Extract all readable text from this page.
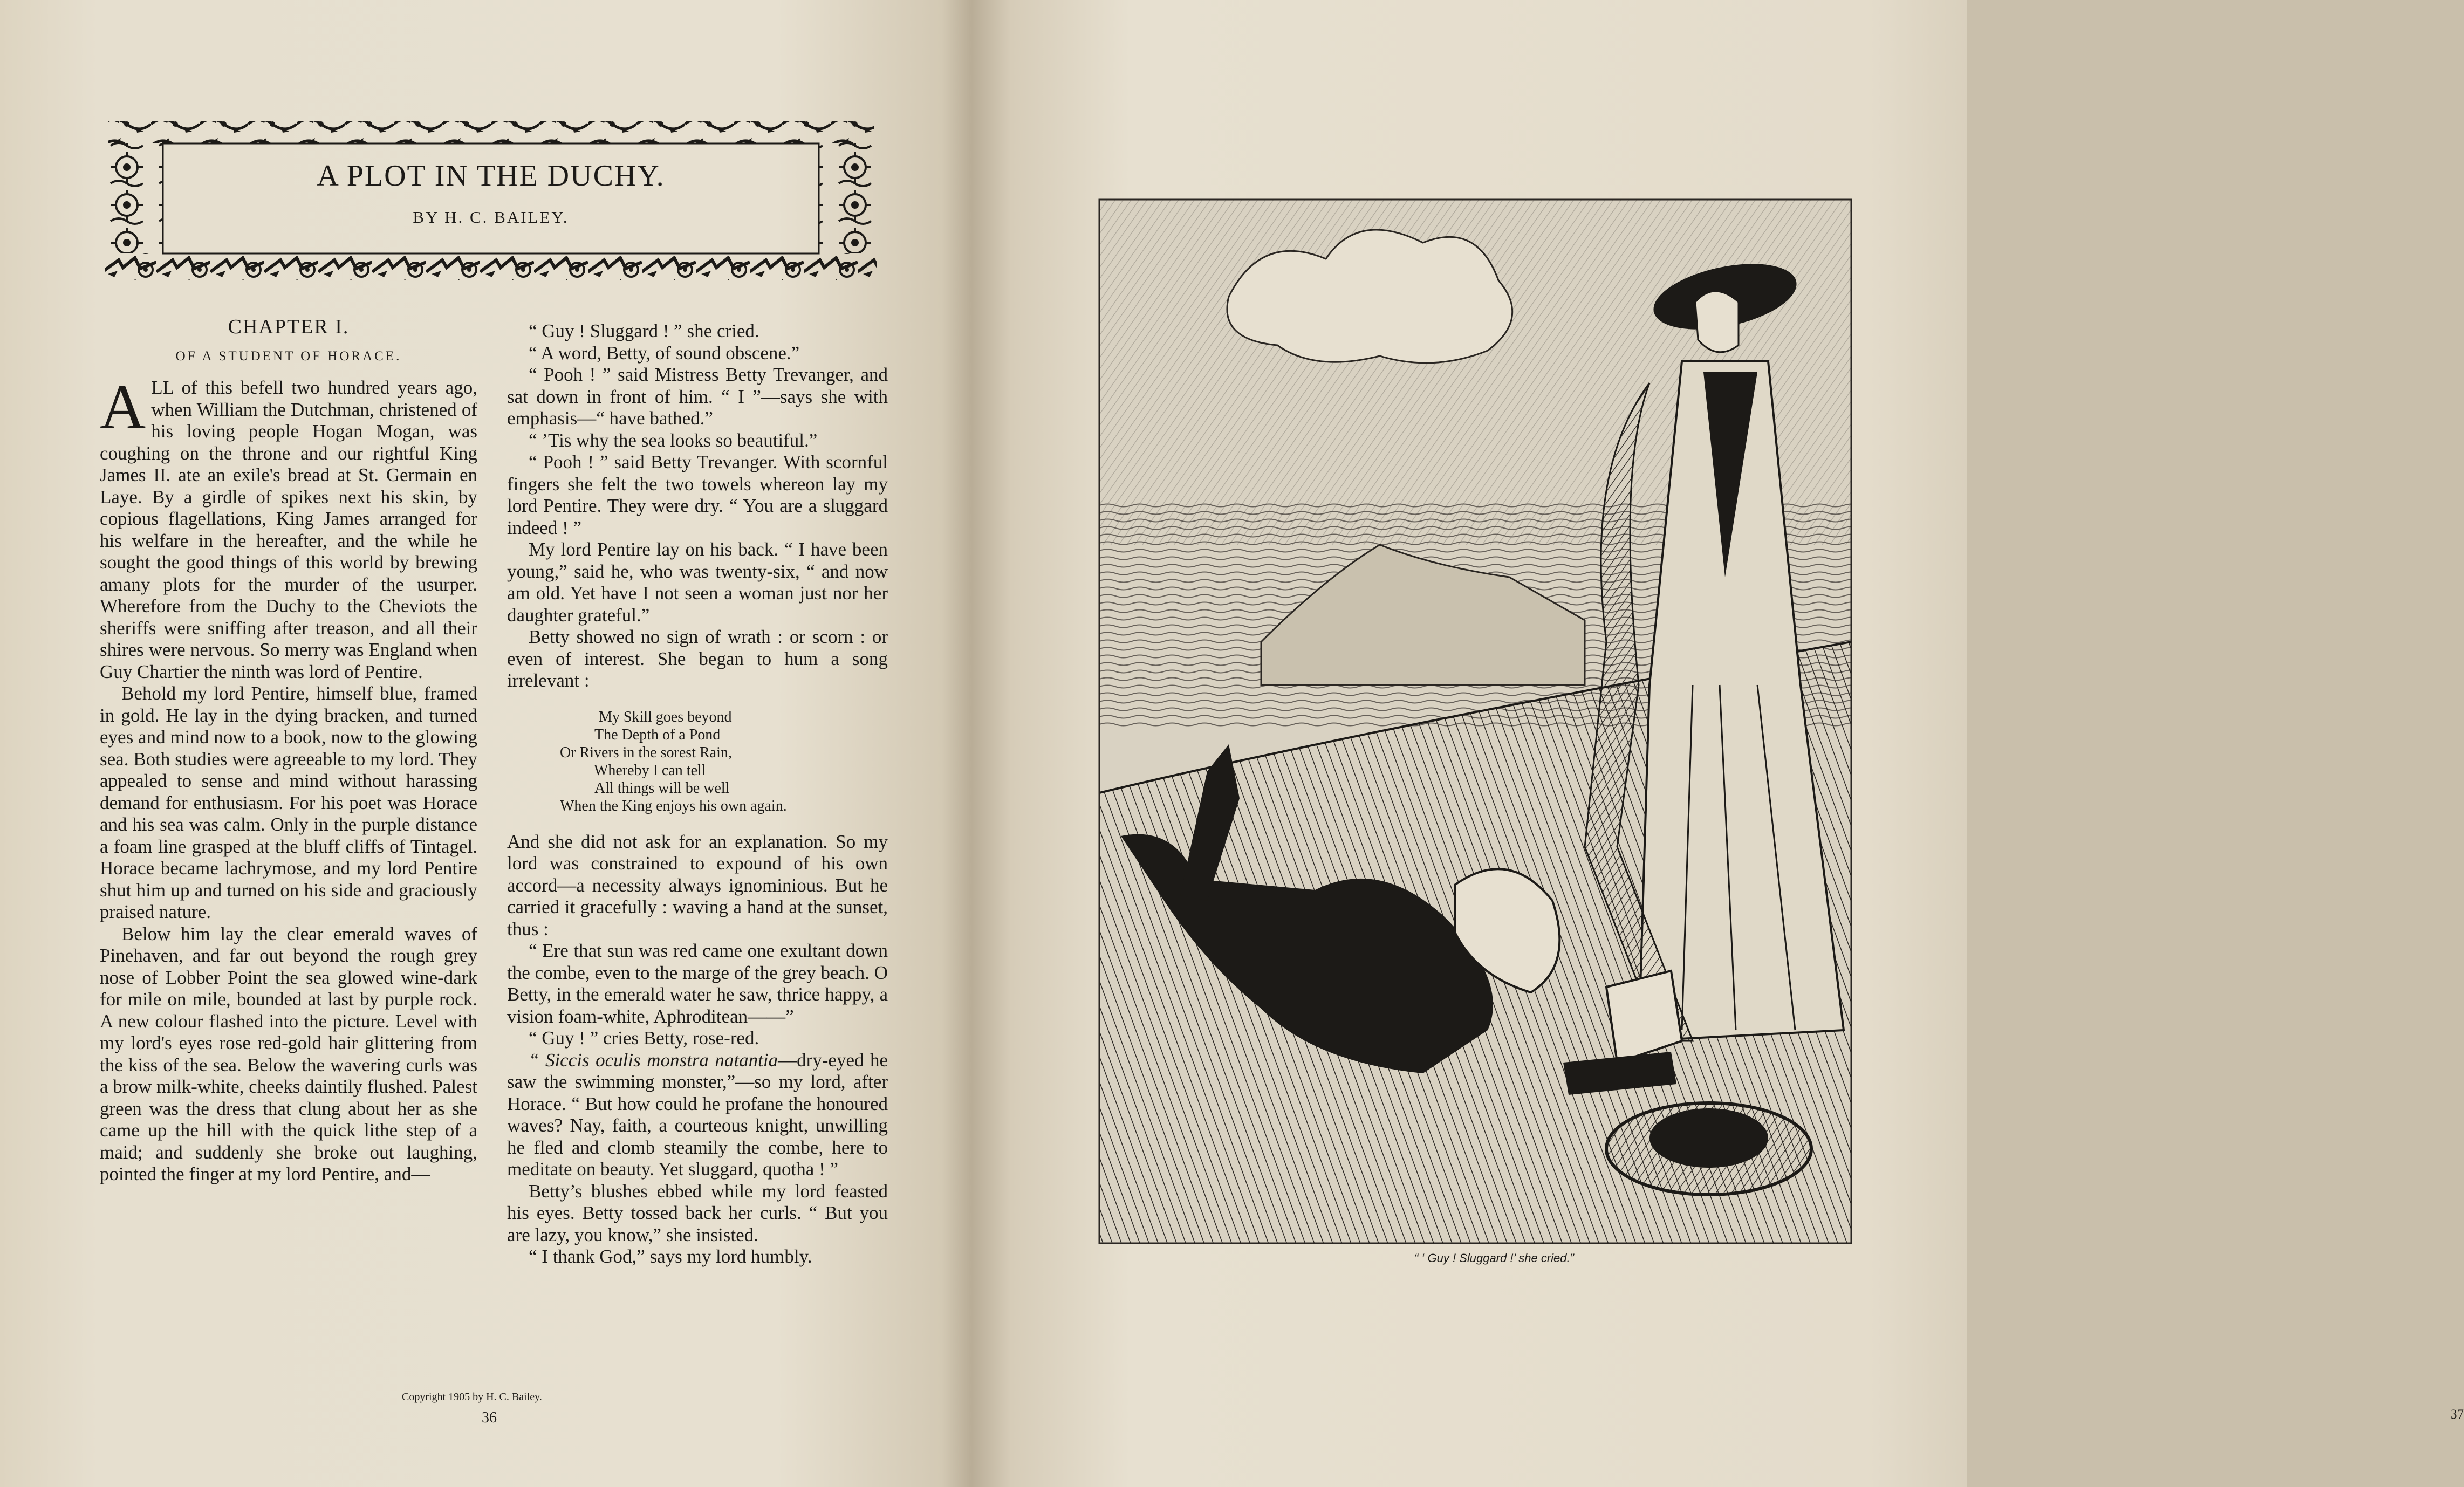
A PLOT IN THE DUCHY.
BY H. C. BAILEY.
CHAPTER I.
OF A STUDENT OF HORACE.

ALL of this befell two hundred years ago, when William the Dutchman, christened of his loving people Hogan Mogan, was coughing on the throne and our rightful King James II. ate an exile's bread at St. Germain en Laye. By a girdle of spikes next his skin, by copious flagellations, King James arranged for his welfare in the hereafter, and the while he sought the good things of this world by brewing amany plots for the murder of the usurper. Wherefore from the Duchy to the Cheviots the sheriffs were sniffing after treason, and all their shires were nervous. So merry was England when Guy Chartier the ninth was lord of Pentire.

Behold my lord Pentire, himself blue, framed in gold. He lay in the dying bracken, and turned eyes and mind now to a book, now to the glowing sea. Both studies were agreeable to my lord. They appealed to sense and mind without harassing demand for enthusiasm. For his poet was Horace and his sea was calm. Only in the purple distance a foam line grasped at the bluff cliffs of Tintagel. Horace became lachrymose, and my lord Pentire shut him up and turned on his side and graciously praised nature.

Below him lay the clear emerald waves of Pinehaven, and far out beyond the rough grey nose of Lobber Point the sea glowed wine-dark for mile on mile, bounded at last by purple rock. A new colour flashed into the picture. Level with my lord's eyes rose red-gold hair glittering from the kiss of the sea. Below the wavering curls was a brow milk-white, cheeks daintily flushed. Palest green was the dress that clung about her as she came up the hill with the quick lithe step of a maid; and suddenly she broke out laughing, pointed the finger at my lord Pentire, and—

“ Guy ! Sluggard ! ” she cried.

“ A word, Betty, of sound obscene.”

“ Pooh ! ” said Mistress Betty Trevanger, and sat down in front of him. “ I ”—says she with emphasis—“ have bathed.”

“ ’Tis why the sea looks so beautiful.”

“ Pooh ! ” said Betty Trevanger. With scornful fingers she felt the two towels whereon lay my lord Pentire. They were dry. “ You are a sluggard indeed ! ”

My lord Pentire lay on his back. “ I have been young,” said he, who was twenty-six, “ and now am old. Yet have I not seen a woman just nor her daughter grateful.”

Betty showed no sign of wrath : or scorn : or even of interest. She began to hum a song irrelevant :

My Skill goes beyond
The Depth of a Pond
Or Rivers in the sorest Rain,
Whereby I can tell
All things will be well
When the King enjoys his own again.

And she did not ask for an explanation. So my lord was constrained to expound of his own accord—a necessity always ignominious. But he carried it gracefully : waving a hand at the sunset, thus :

“ Ere that sun was red came one exultant down the combe, even to the marge of the grey beach. O Betty, in the emerald water he saw, thrice happy, a vision foam-white, Aphroditean——”

“ Guy ! ” cries Betty, rose-red.

“ Siccis oculis monstra natantia—dry-eyed he saw the swimming monster,”—so my lord, after Horace. “ But how could he profane the honoured waves? Nay, faith, a courteous knight, unwilling he fled and clomb steamily the combe, here to meditate on beauty. Yet sluggard, quotha ! ”

Betty’s blushes ebbed while my lord feasted his eyes. Betty tossed back her curls. “ But you are lazy, you know,” she insisted.

“ I thank God,” says my lord humbly.

Copyright 1905 by H. C. Bailey.
36	37
“ ‘ Guy ! Sluggard !’ she cried.”
